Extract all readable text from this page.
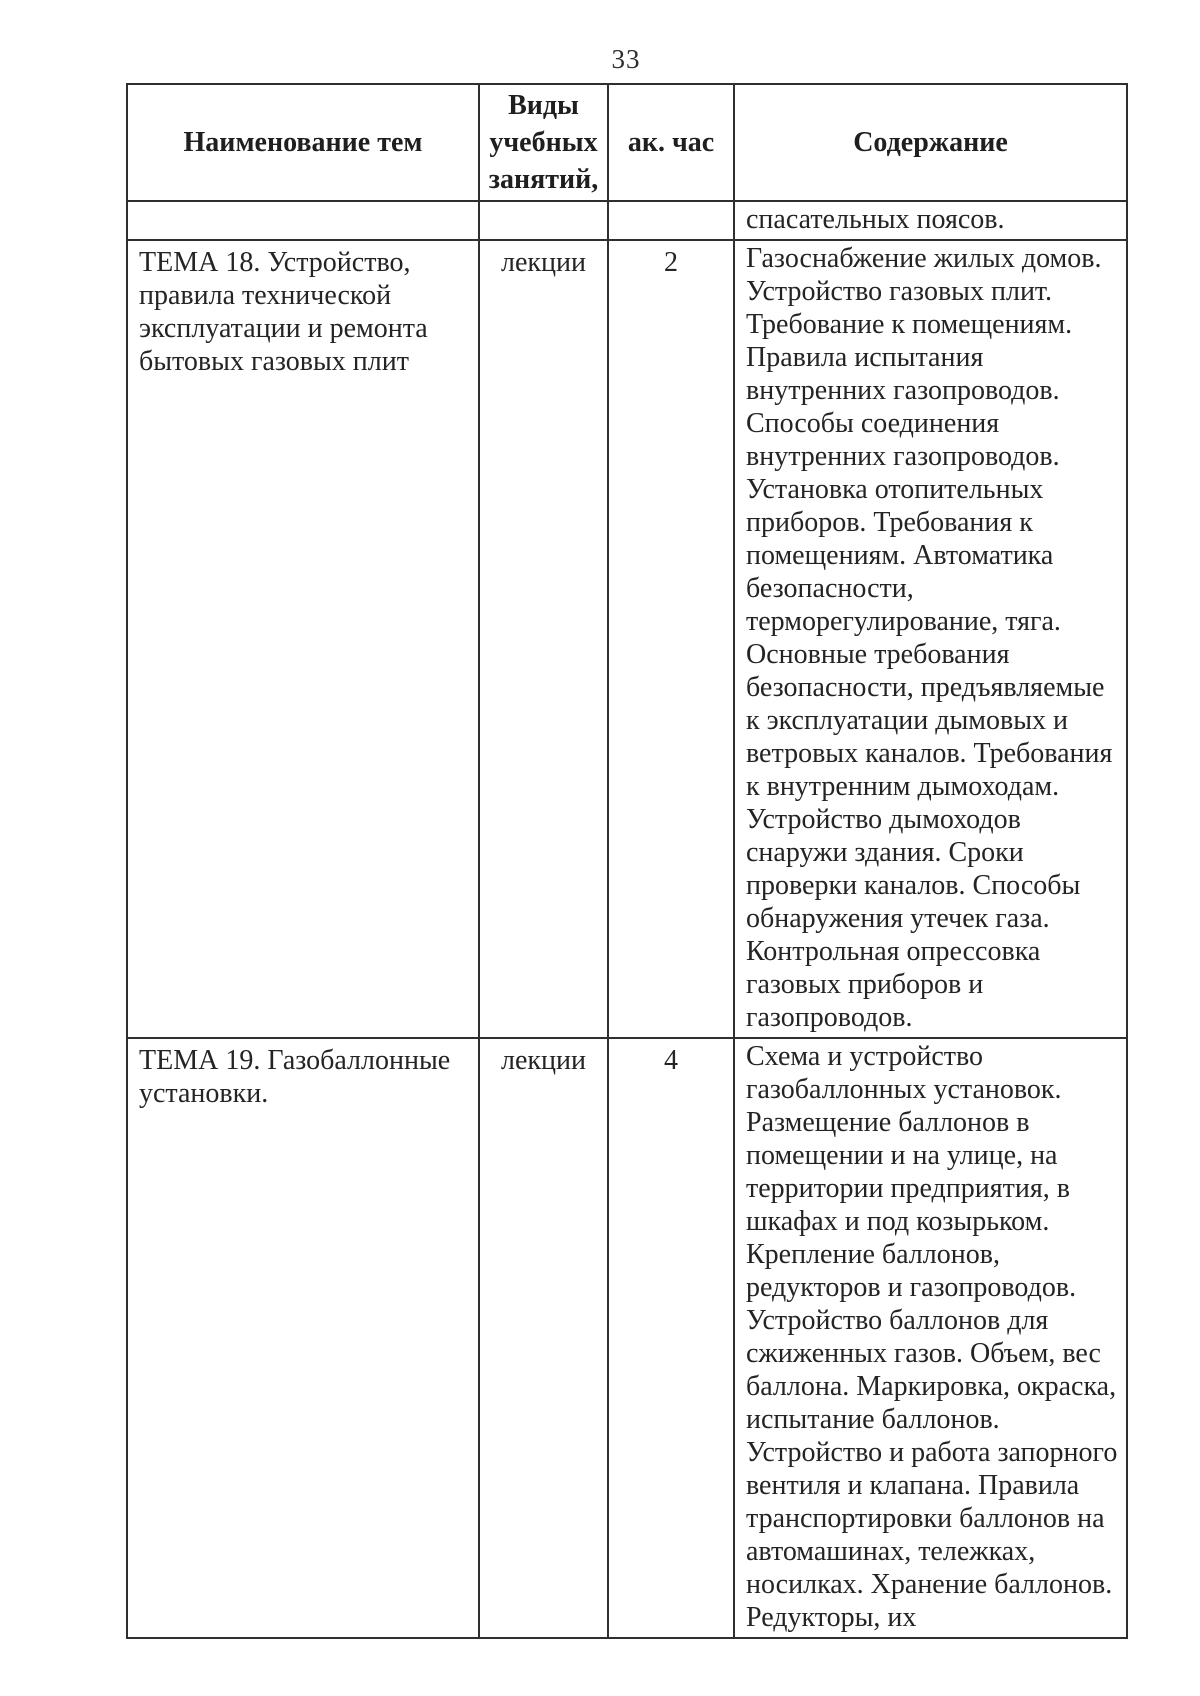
33
Наименование тем	Виды учебных занятий,	ак. час	Содержание
			спасательных поясов.
ТЕМА 18. Устройство, правила технической эксплуатации и ремонта бытовых газовых плит	лекции	2	Газоснабжение жилых домов. Устройство газовых плит. Требование к помещениям. Правила испытания внутренних газопроводов. Способы соединения внутренних газопроводов. Установка отопительных приборов. Требования к помещениям. Автоматика безопасности, терморегулирование, тяга. Основные требования безопасности, предъявляемые к эксплуатации дымовых и ветровых каналов. Требования к внутренним дымоходам. Устройство дымоходов снаружи здания. Сроки проверки каналов. Способы обнаружения утечек газа. Контрольная опрессовка газовых приборов и газопроводов.
ТЕМА 19. Газобаллонные установки.	лекции	4	Схема и устройство газобаллонных установок. Размещение баллонов в помещении и на улице, на территории предприятия, в шкафах и под козырьком. Крепление баллонов, редукторов и газопроводов. Устройство баллонов для сжиженных газов. Объем, вес баллона. Маркировка, окраска, испытание баллонов. Устройство и работа запорного вентиля и клапана. Правила транспортировки баллонов на автомашинах, тележках, носилках. Хранение баллонов. Редукторы, их
